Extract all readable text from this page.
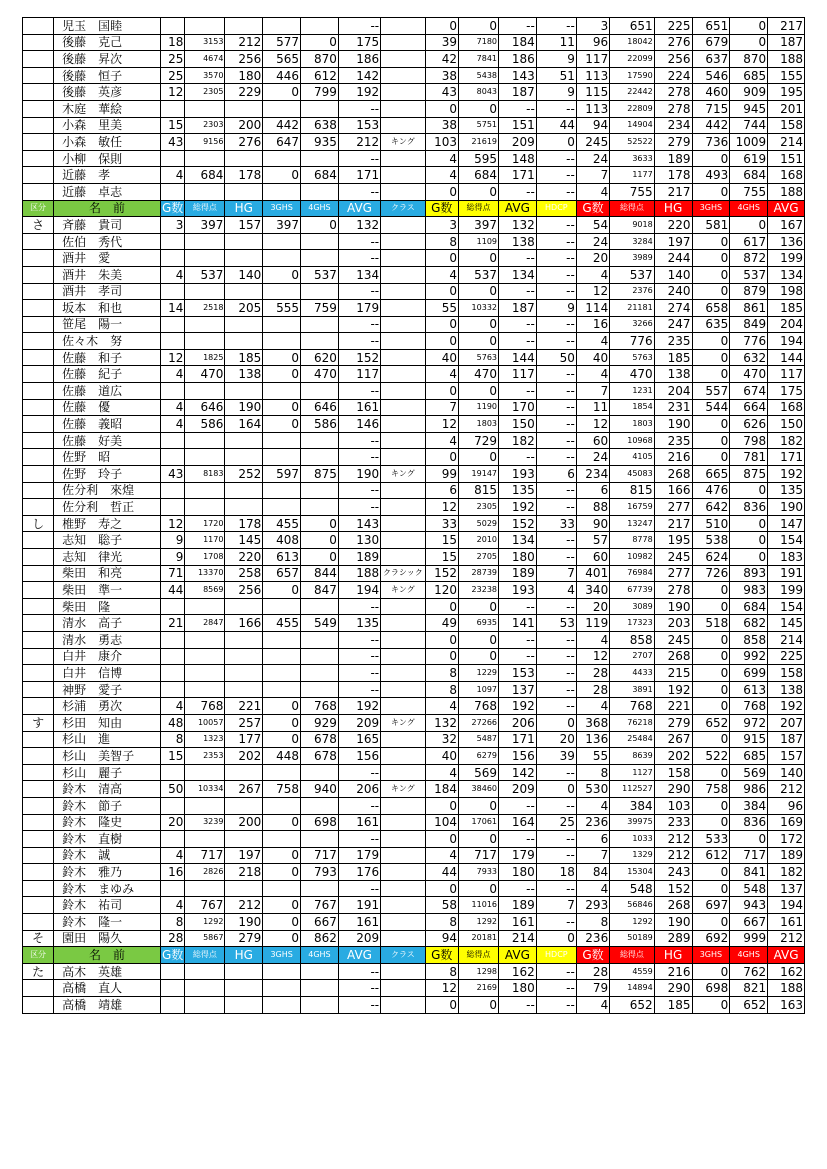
	児玉　国睦						--		0	0	--	--	3	651	225	651	0	217
	後藤　克己	18	3153	212	577	0	175		39	7180	184	11	96	18042	276	679	0	187
	後藤　昇次	25	4674	256	565	870	186		42	7841	186	9	117	22099	256	637	870	188
	後藤　恒子	25	3570	180	446	612	142		38	5438	143	51	113	17590	224	546	685	155
	後藤　英彦	12	2305	229	0	799	192		43	8043	187	9	115	22442	278	460	909	195
	木庭　華絵						--		0	0	--	--	113	22809	278	715	945	201
	小森　里美	15	2303	200	442	638	153		38	5751	151	44	94	14904	234	442	744	158
	小森　敏任	43	9156	276	647	935	212	キング	103	21619	209	0	245	52522	279	736	1009	214
	小柳　保則						--		4	595	148	--	24	3633	189	0	619	151
	近藤　孝	4	684	178	0	684	171		4	684	171	--	7	1177	178	493	684	168
	近藤　卓志						--		0	0	--	--	4	755	217	0	755	188
区分	名　前	G数	総得点	HG	3GHS	4GHS	AVG	クラス	G数	総得点	AVG	HDCP	G数	総得点	HG	3GHS	4GHS	AVG
さ	斉藤　貴司	3	397	157	397	0	132		3	397	132	--	54	9018	220	581	0	167
	佐伯　秀代						--		8	1109	138	--	24	3284	197	0	617	136
	酒井　愛						--		0	0	--	--	20	3989	244	0	872	199
	酒井　朱美	4	537	140	0	537	134		4	537	134	--	4	537	140	0	537	134
	酒井　孝司						--		0	0	--	--	12	2376	240	0	879	198
	坂本　和也	14	2518	205	555	759	179		55	10332	187	9	114	21181	274	658	861	185
	笹尾　陽一						--		0	0	--	--	16	3266	247	635	849	204
	佐々木　努						--		0	0	--	--	4	776	235	0	776	194
	佐藤　和子	12	1825	185	0	620	152		40	5763	144	50	40	5763	185	0	632	144
	佐藤　紀子	4	470	138	0	470	117		4	470	117	--	4	470	138	0	470	117
	佐藤　道広						--		0	0	--	--	7	1231	204	557	674	175
	佐藤　優	4	646	190	0	646	161		7	1190	170	--	11	1854	231	544	664	168
	佐藤　義昭	4	586	164	0	586	146		12	1803	150	--	12	1803	190	0	626	150
	佐藤　好美						--		4	729	182	--	60	10968	235	0	798	182
	佐野　昭						--		0	0	--	--	24	4105	216	0	781	171
	佐野　玲子	43	8183	252	597	875	190	キング	99	19147	193	6	234	45083	268	665	875	192
	佐分利　來煌						--		6	815	135	--	6	815	166	476	0	135
	佐分利　哲正						--		12	2305	192	--	88	16759	277	642	836	190
し	椎野　寿之	12	1720	178	455	0	143		33	5029	152	33	90	13247	217	510	0	147
	志知　聡子	9	1170	145	408	0	130		15	2010	134	--	57	8778	195	538	0	154
	志知　律光	9	1708	220	613	0	189		15	2705	180	--	60	10982	245	624	0	183
	柴田　和亮	71	13370	258	657	844	188	クラシック	152	28739	189	7	401	76984	277	726	893	191
	柴田　準一	44	8569	256	0	847	194	キング	120	23238	193	4	340	67739	278	0	983	199
	柴田　隆						--		0	0	--	--	20	3089	190	0	684	154
	清水　高子	21	2847	166	455	549	135		49	6935	141	53	119	17323	203	518	682	145
	清水　勇志						--		0	0	--	--	4	858	245	0	858	214
	白井　康介						--		0	0	--	--	12	2707	268	0	992	225
	白井　信博						--		8	1229	153	--	28	4433	215	0	699	158
	神野　愛子						--		8	1097	137	--	28	3891	192	0	613	138
	杉浦　勇次	4	768	221	0	768	192		4	768	192	--	4	768	221	0	768	192
す	杉田　知由	48	10057	257	0	929	209	キング	132	27266	206	0	368	76218	279	652	972	207
	杉山　進	8	1323	177	0	678	165		32	5487	171	20	136	25484	267	0	915	187
	杉山　美智子	15	2353	202	448	678	156		40	6279	156	39	55	8639	202	522	685	157
	杉山　麗子						--		4	569	142	--	8	1127	158	0	569	140
	鈴木　清高	50	10334	267	758	940	206	キング	184	38460	209	0	530	112527	290	758	986	212
	鈴木　節子						--		0	0	--	--	4	384	103	0	384	96
	鈴木　隆史	20	3239	200	0	698	161		104	17061	164	25	236	39975	233	0	836	169
	鈴木　直樹						--		0	0	--	--	6	1033	212	533	0	172
	鈴木　誠	4	717	197	0	717	179		4	717	179	--	7	1329	212	612	717	189
	鈴木　雅乃	16	2826	218	0	793	176		44	7933	180	18	84	15304	243	0	841	182
	鈴木　まゆみ						--		0	0	--	--	4	548	152	0	548	137
	鈴木　祐司	4	767	212	0	767	191		58	11016	189	7	293	56846	268	697	943	194
	鈴木　隆一	8	1292	190	0	667	161		8	1292	161	--	8	1292	190	0	667	161
そ	園田　陽久	28	5867	279	0	862	209		94	20181	214	0	236	50189	289	692	999	212
区分	名　前	G数	総得点	HG	3GHS	4GHS	AVG	クラス	G数	総得点	AVG	HDCP	G数	総得点	HG	3GHS	4GHS	AVG
た	高木　英雄						--		8	1298	162	--	28	4559	216	0	762	162
	高橋　直人						--		12	2169	180	--	79	14894	290	698	821	188
	高橋　靖雄						--		0	0	--	--	4	652	185	0	652	163
